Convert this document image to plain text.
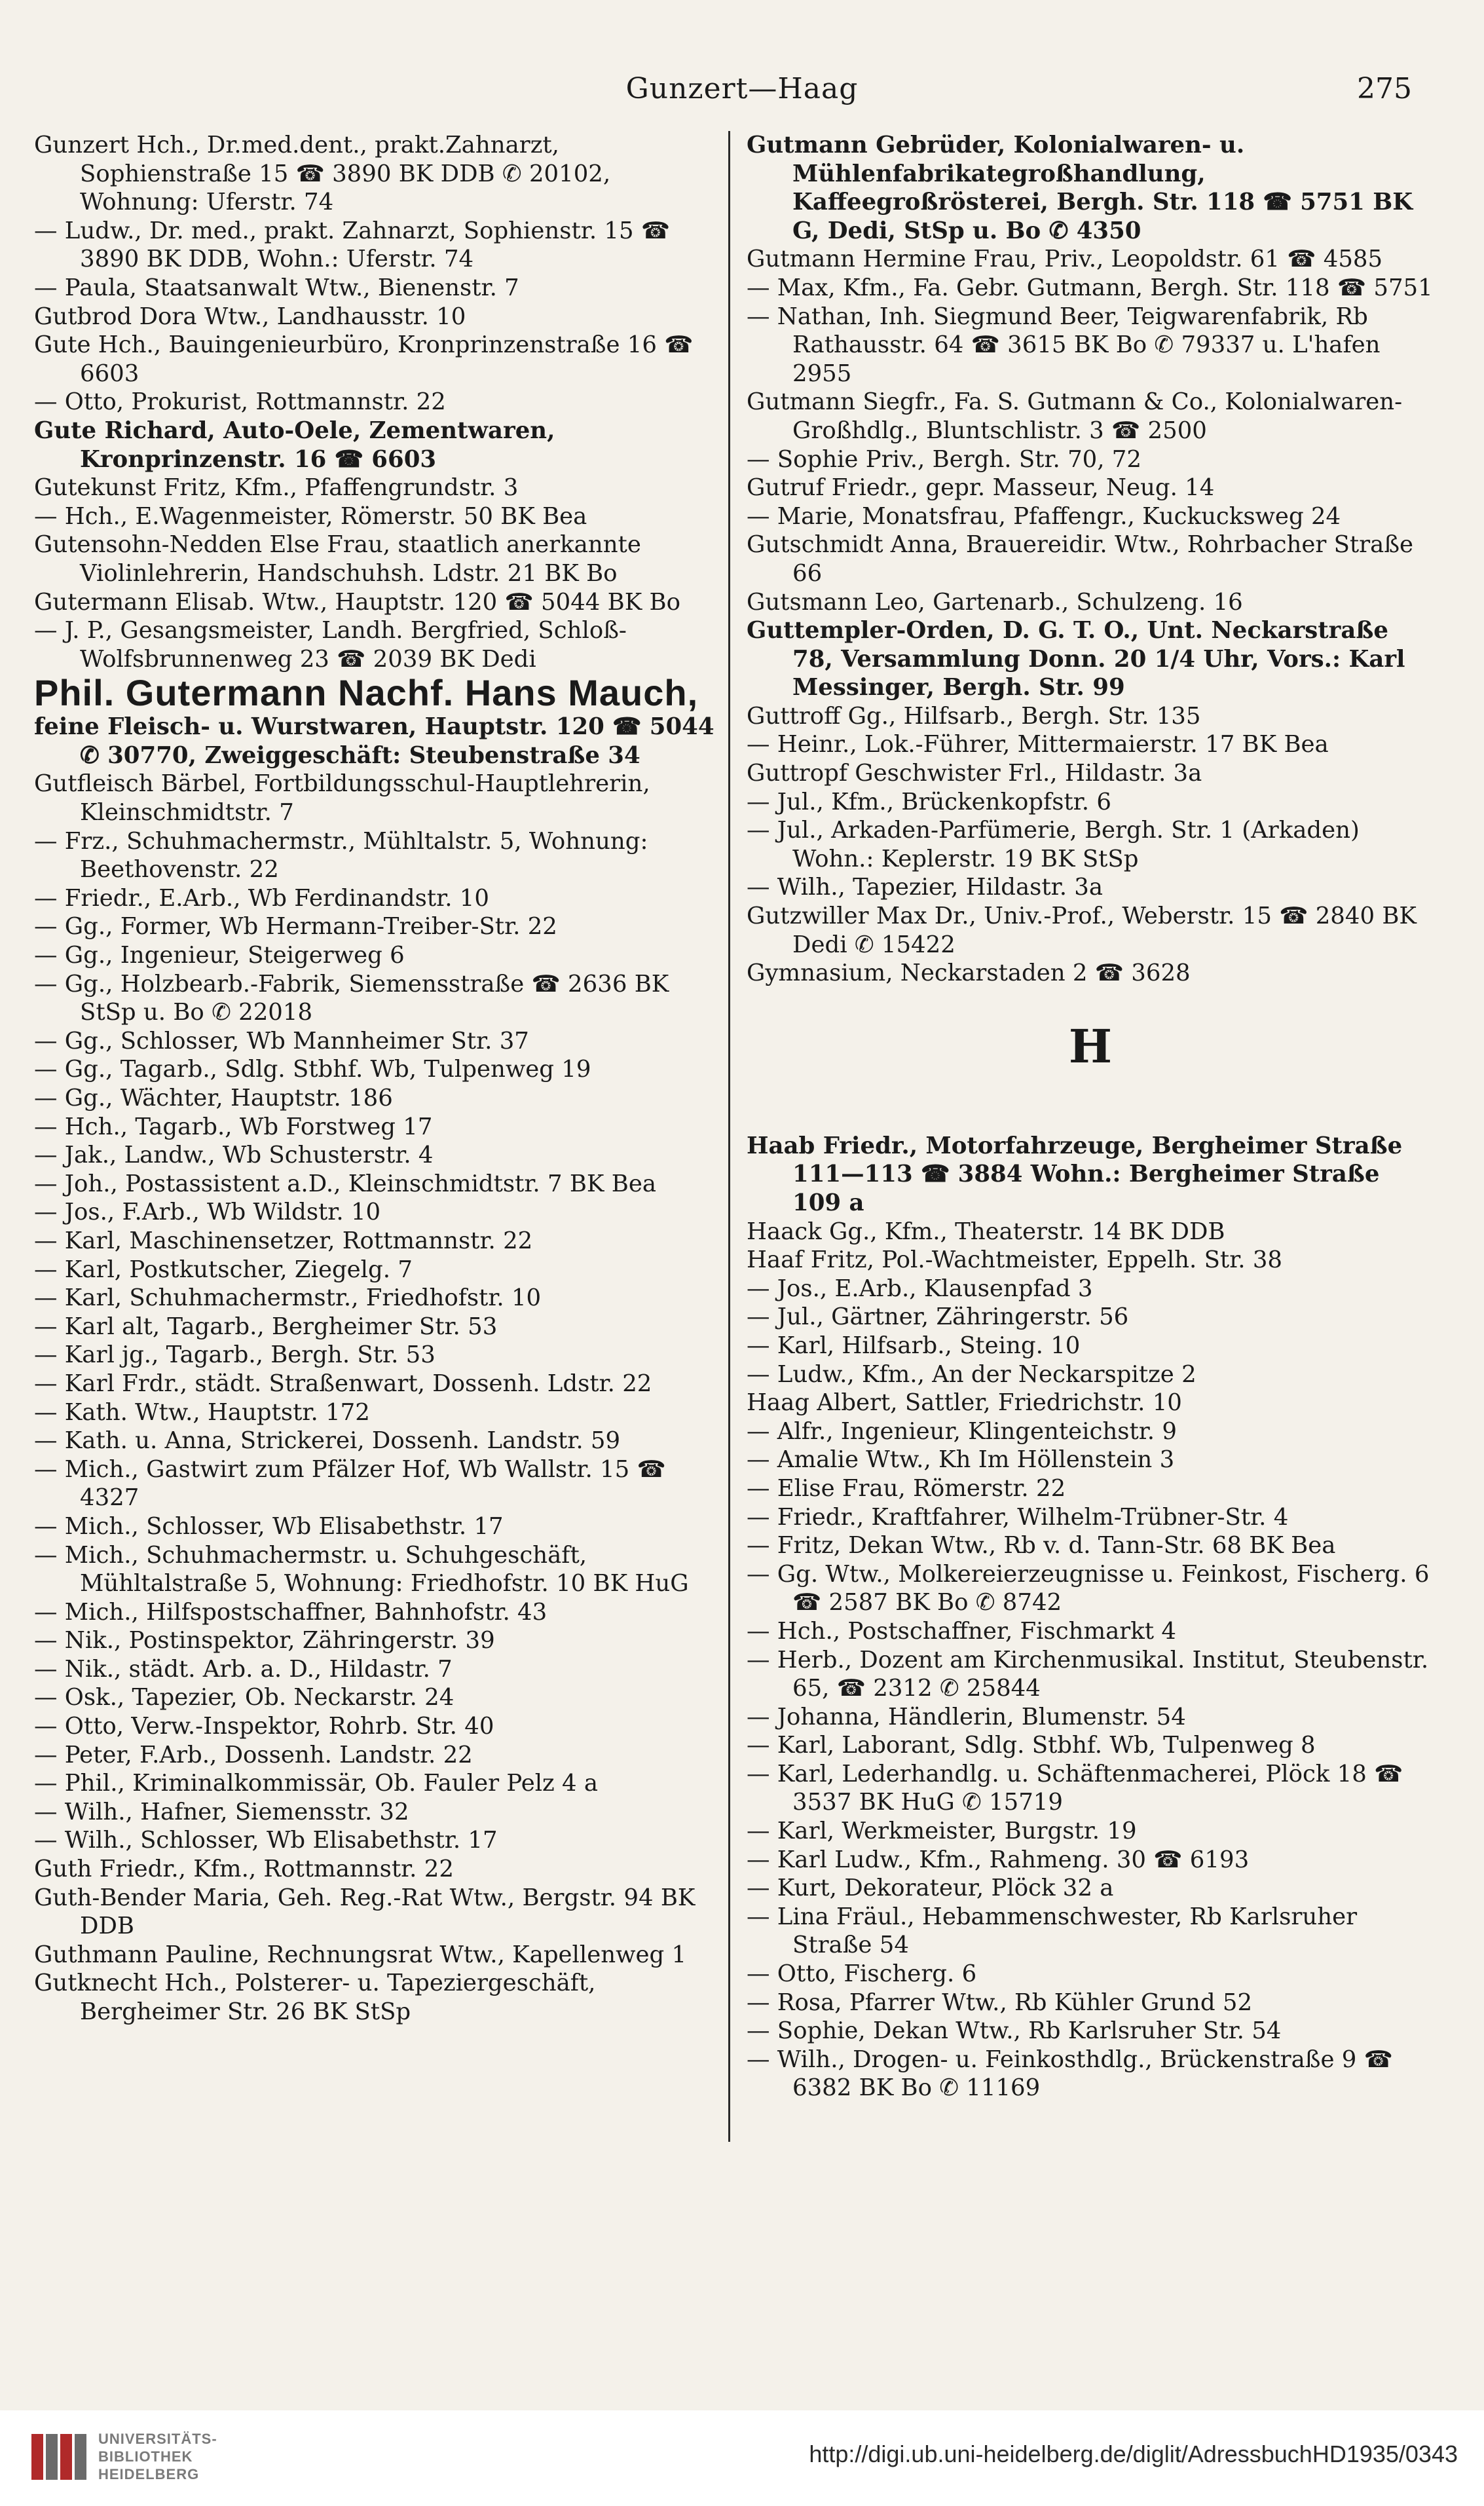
Gunzert—Haag	275

Gunzert Hch., Dr.med.dent., prakt.Zahnarzt, Sophienstraße 15 ☎ 3890 BK DDB ✆ 20102, Wohnung: Uferstr. 74

— Ludw., Dr. med., prakt. Zahnarzt, Sophienstr. 15 ☎ 3890 BK DDB, Wohn.: Uferstr. 74

— Paula, Staatsanwalt Wtw., Bienenstr. 7

Gutbrod Dora Wtw., Landhausstr. 10

Gute Hch., Bauingenieurbüro, Kronprinzenstraße 16 ☎ 6603

— Otto, Prokurist, Rottmannstr. 22

Gute Richard, Auto-Oele, Zementwaren, Kronprinzenstr. 16 ☎ 6603

Gutekunst Fritz, Kfm., Pfaffengrundstr. 3

— Hch., E.Wagenmeister, Römerstr. 50 BK Bea

Gutensohn-Nedden Else Frau, staatlich anerkannte Violinlehrerin, Handschuhsh. Ldstr. 21 BK Bo

Gutermann Elisab. Wtw., Hauptstr. 120 ☎ 5044 BK Bo

— J. P., Gesangsmeister, Landh. Bergfried, Schloß-Wolfsbrunnenweg 23 ☎ 2039 BK Dedi

Phil. Gutermann Nachf. Hans Mauch,

feine Fleisch- u. Wurstwaren, Hauptstr. 120 ☎ 5044 ✆ 30770, Zweiggeschäft: Steubenstraße 34

Gutfleisch Bärbel, Fortbildungsschul-Hauptlehrerin, Kleinschmidtstr. 7

— Frz., Schuhmachermstr., Mühltalstr. 5, Wohnung: Beethovenstr. 22

— Friedr., E.Arb., Wb Ferdinandstr. 10

— Gg., Former, Wb Hermann-Treiber-Str. 22

— Gg., Ingenieur, Steigerweg 6

— Gg., Holzbearb.-Fabrik, Siemensstraße ☎ 2636 BK StSp u. Bo ✆ 22018

— Gg., Schlosser, Wb Mannheimer Str. 37

— Gg., Tagarb., Sdlg. Stbhf. Wb, Tulpenweg 19

— Gg., Wächter, Hauptstr. 186

— Hch., Tagarb., Wb Forstweg 17

— Jak., Landw., Wb Schusterstr. 4

— Joh., Postassistent a.D., Kleinschmidtstr. 7 BK Bea

— Jos., F.Arb., Wb Wildstr. 10

— Karl, Maschinensetzer, Rottmannstr. 22

— Karl, Postkutscher, Ziegelg. 7

— Karl, Schuhmachermstr., Friedhofstr. 10

— Karl alt, Tagarb., Bergheimer Str. 53

— Karl jg., Tagarb., Bergh. Str. 53

— Karl Frdr., städt. Straßenwart, Dossenh. Ldstr. 22

— Kath. Wtw., Hauptstr. 172

— Kath. u. Anna, Strickerei, Dossenh. Landstr. 59

— Mich., Gastwirt zum Pfälzer Hof, Wb Wallstr. 15 ☎ 4327

— Mich., Schlosser, Wb Elisabethstr. 17

— Mich., Schuhmachermstr. u. Schuhgeschäft, Mühltalstraße 5, Wohnung: Friedhofstr. 10 BK HuG

— Mich., Hilfspostschaffner, Bahnhofstr. 43

— Nik., Postinspektor, Zähringerstr. 39

— Nik., städt. Arb. a. D., Hildastr. 7

— Osk., Tapezier, Ob. Neckarstr. 24

— Otto, Verw.-Inspektor, Rohrb. Str. 40

— Peter, F.Arb., Dossenh. Landstr. 22

— Phil., Kriminalkommissär, Ob. Fauler Pelz 4 a

— Wilh., Hafner, Siemensstr. 32

— Wilh., Schlosser, Wb Elisabethstr. 17

Guth Friedr., Kfm., Rottmannstr. 22

Guth-Bender Maria, Geh. Reg.-Rat Wtw., Bergstr. 94 BK DDB

Guthmann Pauline, Rechnungsrat Wtw., Kapellenweg 1

Gutknecht Hch., Polsterer- u. Tapeziergeschäft, Bergheimer Str. 26 BK StSp

Gutmann Gebrüder, Kolonialwaren- u. Mühlenfabrikategroßhandlung, Kaffeegroßrösterei, Bergh. Str. 118 ☎ 5751 BK G, Dedi, StSp u. Bo ✆ 4350

Gutmann Hermine Frau, Priv., Leopoldstr. 61 ☎ 4585

— Max, Kfm., Fa. Gebr. Gutmann, Bergh. Str. 118 ☎ 5751

— Nathan, Inh. Siegmund Beer, Teigwarenfabrik, Rb Rathausstr. 64 ☎ 3615 BK Bo ✆ 79337 u. L'hafen 2955

Gutmann Siegfr., Fa. S. Gutmann & Co., Kolonialwaren-Großhdlg., Bluntschlistr. 3 ☎ 2500

— Sophie Priv., Bergh. Str. 70, 72

Gutruf Friedr., gepr. Masseur, Neug. 14

— Marie, Monatsfrau, Pfaffengr., Kuckucksweg 24

Gutschmidt Anna, Brauereidir. Wtw., Rohrbacher Straße 66

Gutsmann Leo, Gartenarb., Schulzeng. 16

Guttempler-Orden, D. G. T. O., Unt. Neckarstraße 78, Versammlung Donn. 20 1/4 Uhr, Vors.: Karl Messinger, Bergh. Str. 99

Guttroff Gg., Hilfsarb., Bergh. Str. 135

— Heinr., Lok.-Führer, Mittermaierstr. 17 BK Bea

Guttropf Geschwister Frl., Hildastr. 3a

— Jul., Kfm., Brückenkopfstr. 6

— Jul., Arkaden-Parfümerie, Bergh. Str. 1 (Arkaden) Wohn.: Keplerstr. 19 BK StSp

— Wilh., Tapezier, Hildastr. 3a

Gutzwiller Max Dr., Univ.-Prof., Weberstr. 15 ☎ 2840 BK Dedi ✆ 15422

Gymnasium, Neckarstaden 2 ☎ 3628

H

Haab Friedr., Motorfahrzeuge, Bergheimer Straße 111—113 ☎ 3884 Wohn.: Bergheimer Straße 109 a

Haack Gg., Kfm., Theaterstr. 14 BK DDB

Haaf Fritz, Pol.-Wachtmeister, Eppelh. Str. 38

— Jos., E.Arb., Klausenpfad 3

— Jul., Gärtner, Zähringerstr. 56

— Karl, Hilfsarb., Steing. 10

— Ludw., Kfm., An der Neckarspitze 2

Haag Albert, Sattler, Friedrichstr. 10

— Alfr., Ingenieur, Klingenteichstr. 9

— Amalie Wtw., Kh Im Höllenstein 3

— Elise Frau, Römerstr. 22

— Friedr., Kraftfahrer, Wilhelm-Trübner-Str. 4

— Fritz, Dekan Wtw., Rb v. d. Tann-Str. 68 BK Bea

— Gg. Wtw., Molkereierzeugnisse u. Feinkost, Fischerg. 6 ☎ 2587 BK Bo ✆ 8742

— Hch., Postschaffner, Fischmarkt 4

— Herb., Dozent am Kirchenmusikal. Institut, Steubenstr. 65, ☎ 2312 ✆ 25844

— Johanna, Händlerin, Blumenstr. 54

— Karl, Laborant, Sdlg. Stbhf. Wb, Tulpenweg 8

— Karl, Lederhandlg. u. Schäftenmacherei, Plöck 18 ☎ 3537 BK HuG ✆ 15719

— Karl, Werkmeister, Burgstr. 19

— Karl Ludw., Kfm., Rahmeng. 30 ☎ 6193

— Kurt, Dekorateur, Plöck 32 a

— Lina Fräul., Hebammenschwester, Rb Karlsruher Straße 54

— Otto, Fischerg. 6

— Rosa, Pfarrer Wtw., Rb Kühler Grund 52

— Sophie, Dekan Wtw., Rb Karlsruher Str. 54

— Wilh., Drogen- u. Feinkosthdlg., Brückenstraße 9 ☎ 6382 BK Bo ✆ 11169

UNIVERSITÄTS-
BIBLIOTHEK
HEIDELBERG
http://digi.ub.uni-heidelberg.de/diglit/AdressbuchHD1935/0343
